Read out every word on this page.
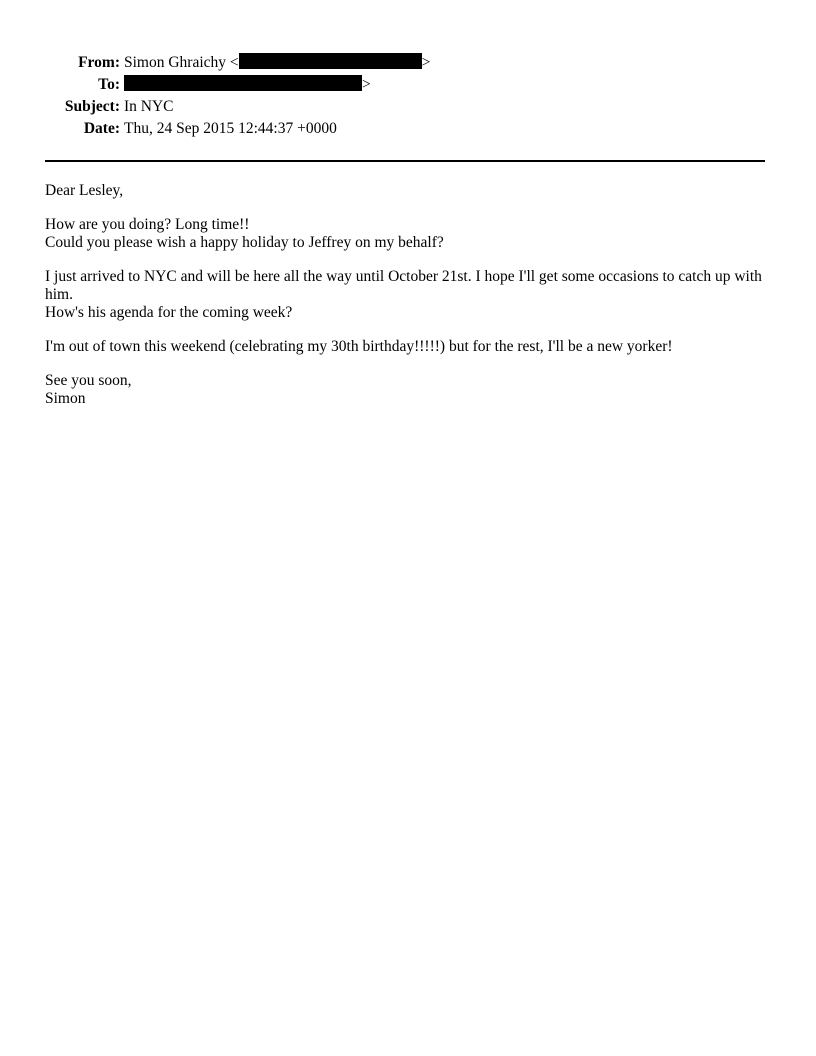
From: Simon Ghraichy <	>
To:	>
Subject: In NYC
Date: Thu, 24 Sep 2015 12:44:37 +0000

Dear Lesley,

How are you doing? Long time!!
Could you please wish a happy holiday to Jeffrey on my behalf?

I just arrived to NYC and will be here all the way until October 21st. I hope I'll get some occasions to catch up with him.
How's his agenda for the coming week?

I'm out of town this weekend (celebrating my 30th birthday!!!!!) but for the rest, I'll be a new yorker!

See you soon,
Simon
